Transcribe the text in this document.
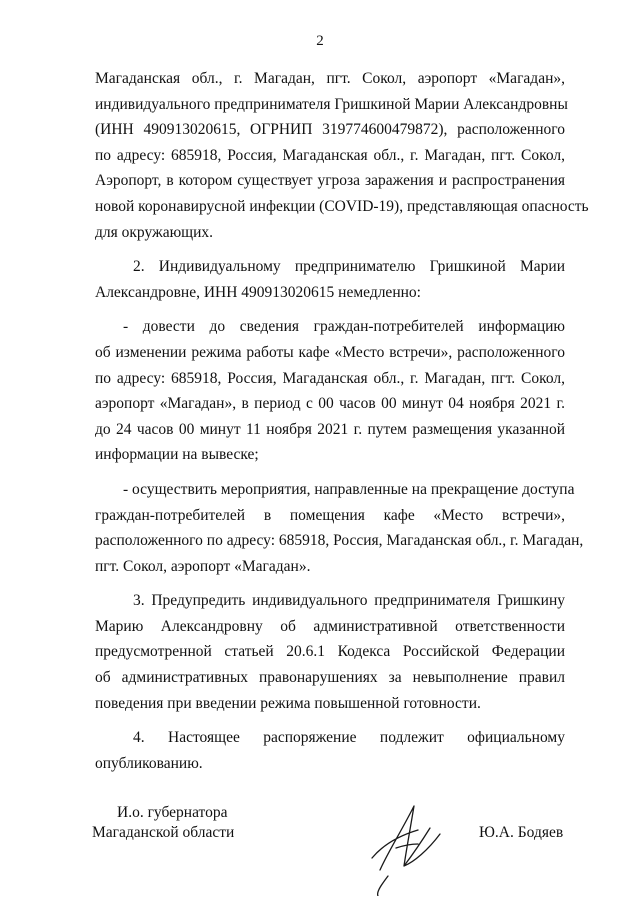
2
Магаданская обл., г. Магадан, пгт. Сокол, аэропорт «Магадан»,
индивидуального предпринимателя Гришкиной Марии Александровны
(ИНН 490913020615, ОГРНИП 319774600479872), расположенного
по адресу: 685918, Россия, Магаданская обл., г. Магадан, пгт. Сокол,
Аэропорт, в котором существует угроза заражения и распространения
новой коронавирусной инфекции (COVID-19), представляющая опасность
для окружающих.
2. Индивидуальному предпринимателю Гришкиной Марии
Александровне, ИНН 490913020615 немедленно:
- довести до сведения граждан-потребителей информацию
об изменении режима работы кафе «Место встречи», расположенного
по адресу: 685918, Россия, Магаданская обл., г. Магадан, пгт. Сокол,
аэропорт «Магадан», в период с 00 часов 00 минут 04 ноября 2021 г.
до 24 часов 00 минут 11 ноября 2021 г. путем размещения указанной
информации на вывеске;
- осуществить мероприятия, направленные на прекращение доступа
граждан-потребителей в помещения кафе «Место встречи»,
расположенного по адресу: 685918, Россия, Магаданская обл., г. Магадан,
пгт. Сокол, аэропорт «Магадан».
3. Предупредить индивидуального предпринимателя Гришкину
Марию Александровну об административной ответственности
предусмотренной статьей 20.6.1 Кодекса Российской Федерации
об административных правонарушениях за невыполнение правил
поведения при введении режима повышенной готовности.
4. Настоящее распоряжение подлежит официальному
опубликованию.
И.о. губернатора
Магаданской области	Ю.А. Бодяев
